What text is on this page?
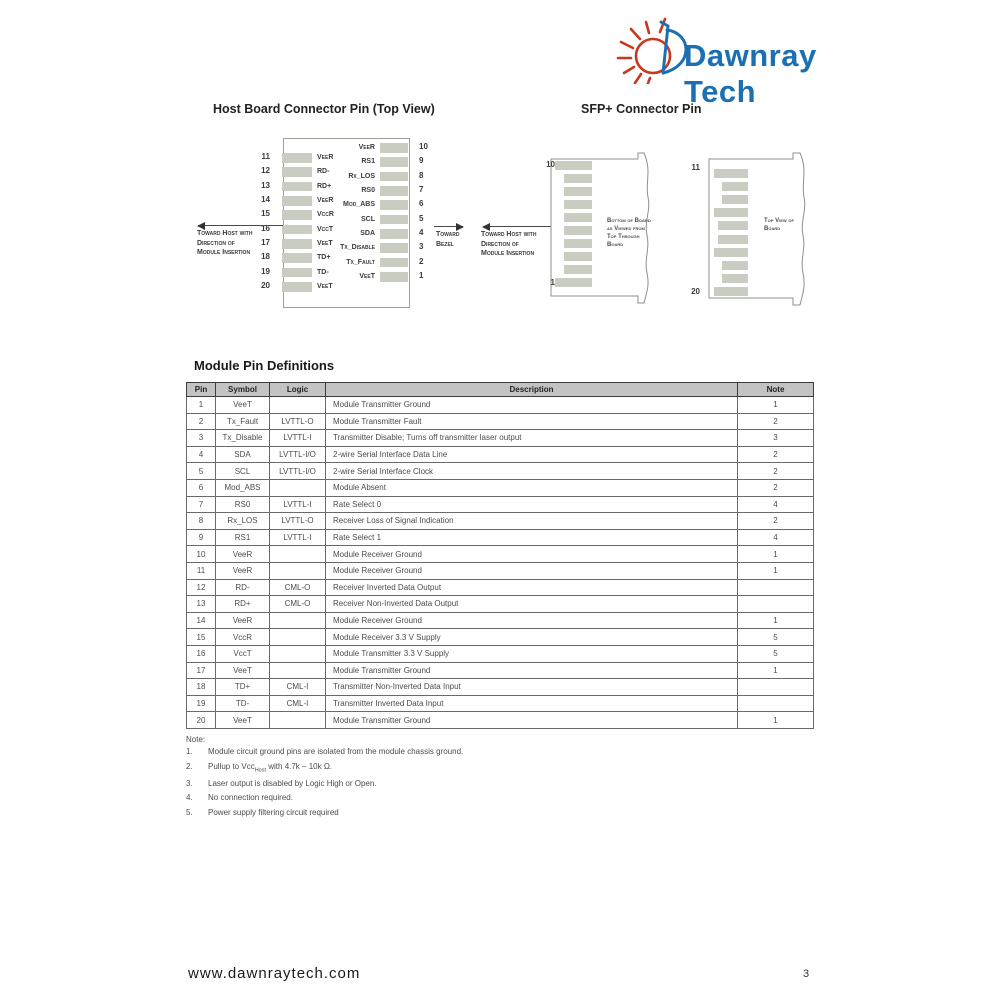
Dawnray Tech
Host Board Connector Pin (Top View)	SFP+ Connector Pin
11	VeeR
12	RD-
13	RD+
14	VeeR
15	VccR
16	VccT
17	VeeT
18	TD+
19	TD-
20	VeeT
10
VeeR
9
RS1
8
Rx_LOS
7
RS0
6
Mod_ABS
5
SCL
4
SDA
3
Tx_Disable
2
Tx_Fault
1
VeeT
Toward Host with Direction of Module Insertion
Toward Bezel
Toward Host with Direction of Module Insertion
10
1
Bottom of Board as Viewed from Top Through Board
11
20
Top View of Board
Module Pin Definitions
Pin	Symbol	Logic	Description	Note
1	VeeT		Module Transmitter Ground	1
2	Tx_Fault	LVTTL-O	Module Transmitter Fault	2
3	Tx_Disable	LVTTL-I	Transmitter Disable; Turns off transmitter laser output	3
4	SDA	LVTTL-I/O	2-wire Serial Interface Data Line	2
5	SCL	LVTTL-I/O	2-wire Serial Interface Clock	2
6	Mod_ABS		Module Absent	2
7	RS0	LVTTL-I	Rate Select 0	4
8	Rx_LOS	LVTTL-O	Receiver Loss of Signal Indication	2
9	RS1	LVTTL-I	Rate Select 1	4
10	VeeR		Module Receiver Ground	1
11	VeeR		Module Receiver Ground	1
12	RD-	CML-O	Receiver Inverted Data Output	
13	RD+	CML-O	Receiver Non-Inverted Data Output	
14	VeeR		Module Receiver Ground	1
15	VccR		Module Receiver 3.3 V Supply	5
16	VccT		Module Transmitter 3.3 V Supply	5
17	VeeT		Module Transmitter Ground	1
18	TD+	CML-I	Transmitter Non-Inverted Data Input	
19	TD-	CML-I	Transmitter Inverted Data Input	
20	VeeT		Module Transmitter Ground	1
Note:
1.	Module circuit ground pins are isolated from the module chassis ground.
2.	Pullup to Vcc$_{Host}$ with 4.7k – 10k Ω.
3.	Laser output is disabled by Logic High or Open.
4.	No connection required.
5.	Power supply filtering circuit required
www.dawnraytech.com	3
